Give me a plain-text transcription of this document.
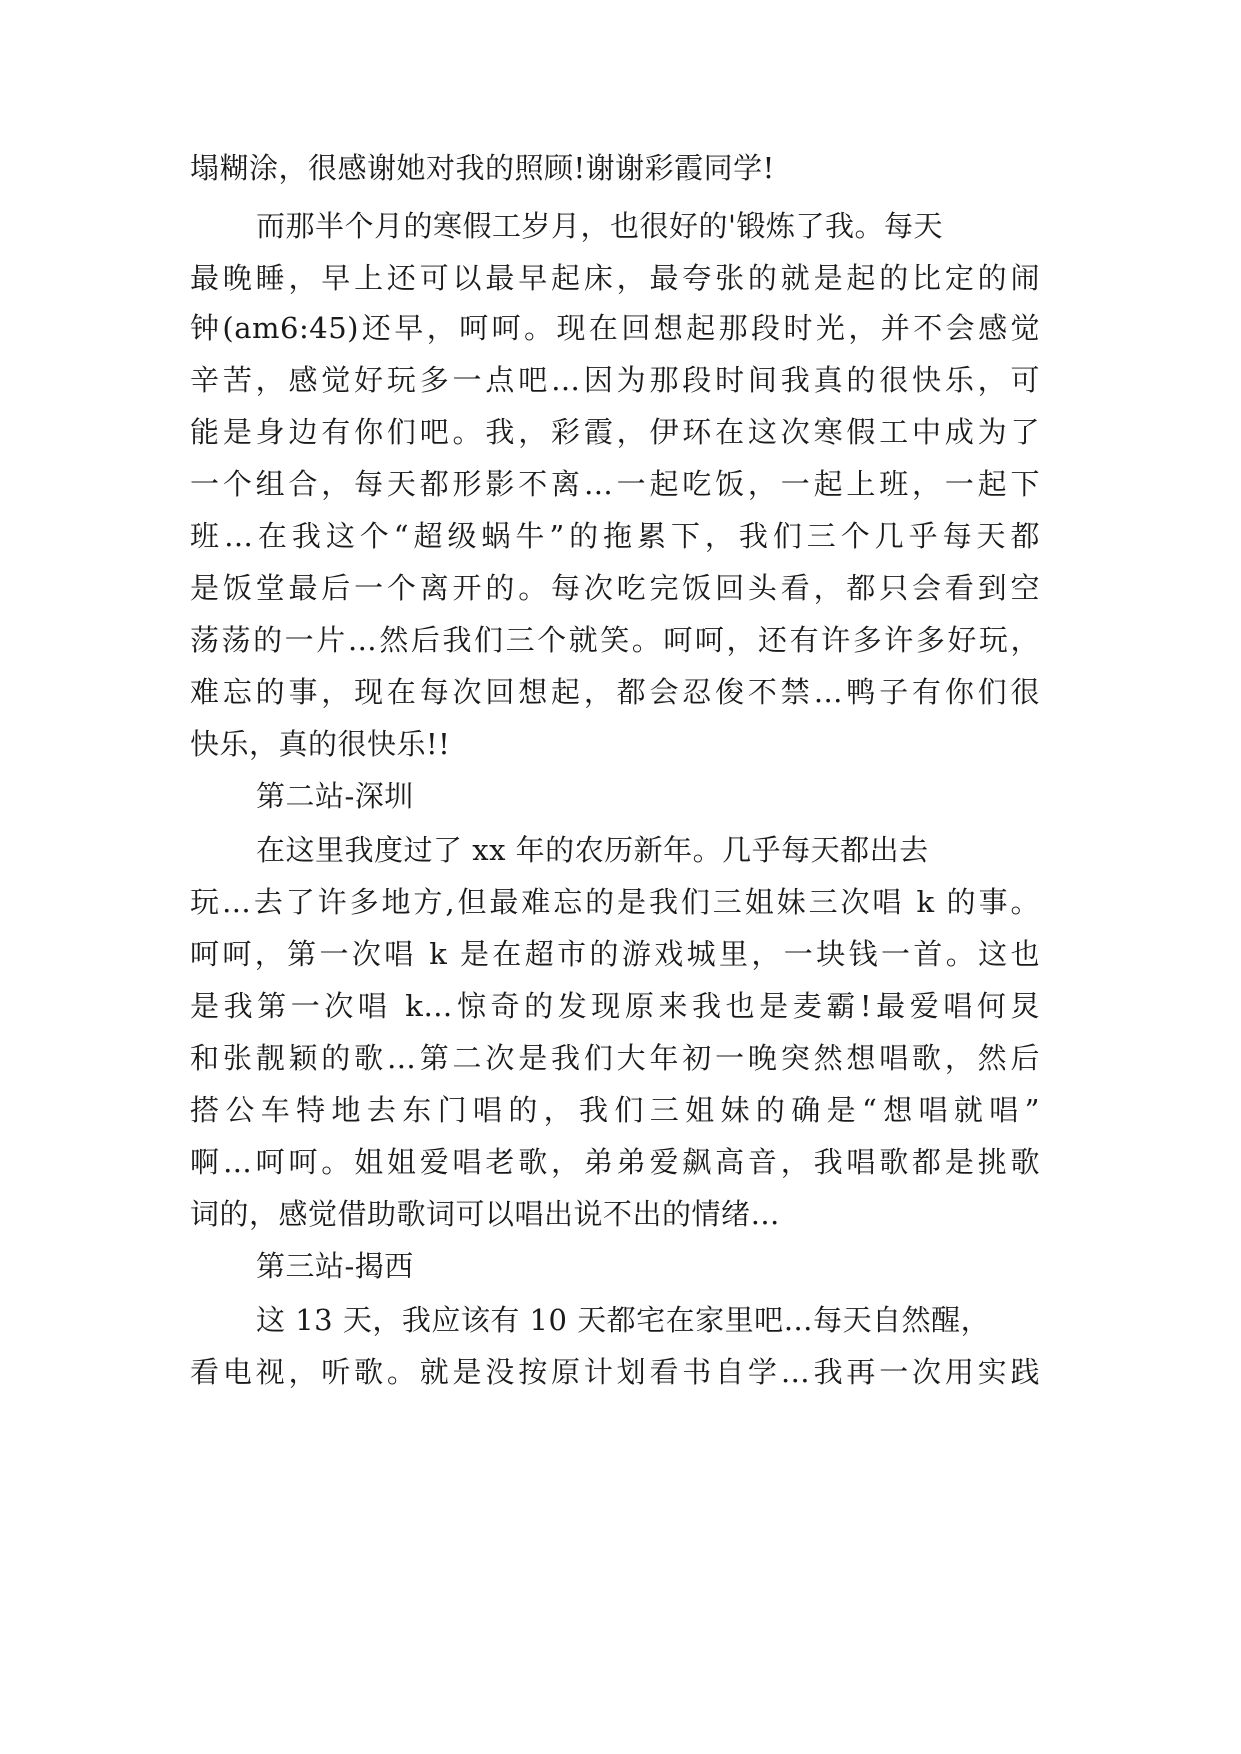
塌糊涂，很感谢她对我的照顾!谢谢彩霞同学!
而那半个月的寒假工岁月，也很好的'锻炼了我。每天
最晚睡，早上还可以最早起床，最夸张的就是起的比定的闹
钟(am6:45)还早，呵呵。现在回想起那段时光，并不会感觉
辛苦，感觉好玩多一点吧…因为那段时间我真的很快乐，可
能是身边有你们吧。我，彩霞，伊环在这次寒假工中成为了
一个组合，每天都形影不离…一起吃饭，一起上班，一起下
班…在我这个“超级蜗牛”的拖累下，我们三个几乎每天都
是饭堂最后一个离开的。每次吃完饭回头看，都只会看到空
荡荡的一片…然后我们三个就笑。呵呵，还有许多许多好玩，
难忘的事，现在每次回想起，都会忍俊不禁…鸭子有你们很
快乐，真的很快乐!!
第二站-深圳
在这里我度过了 xx 年的农历新年。几乎每天都出去
玩…去了许多地方,但最难忘的是我们三姐妹三次唱 k 的事。
呵呵，第一次唱 k 是在超市的游戏城里，一块钱一首。这也
是我第一次唱 k…惊奇的发现原来我也是麦霸!最爱唱何炅
和张靓颖的歌…第二次是我们大年初一晚突然想唱歌，然后
搭公车特地去东门唱的，我们三姐妹的确是“想唱就唱”
啊…呵呵。姐姐爱唱老歌，弟弟爱飙高音，我唱歌都是挑歌
词的，感觉借助歌词可以唱出说不出的情绪…
第三站-揭西
这 13 天，我应该有 10 天都宅在家里吧…每天自然醒，
看电视，听歌。就是没按原计划看书自学…我再一次用实践
